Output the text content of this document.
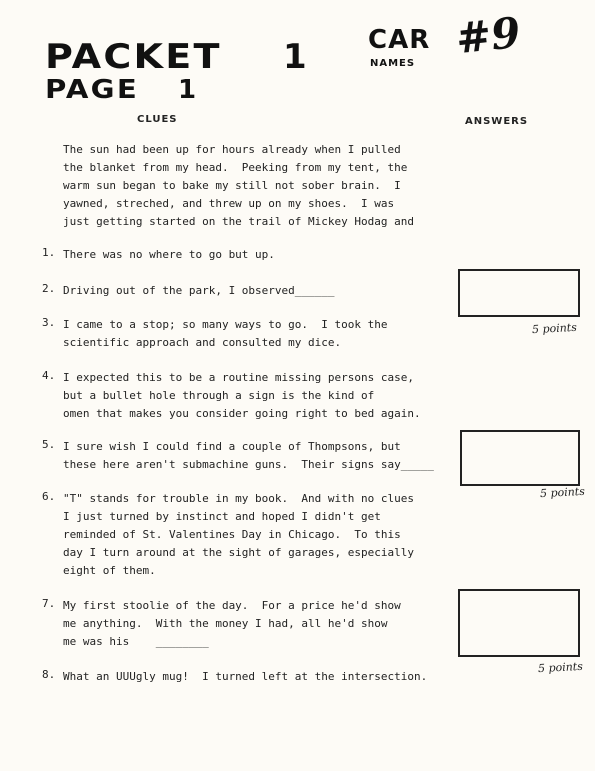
PACKET 1
PAGE 1
CAR
NAMES
#9
CLUES	ANSWERS
The sun had been up for hours already when I pulled
the blanket from my head.  Peeking from my tent, the
warm sun began to bake my still not sober brain.  I
yawned, streched, and threw up on my shoes.  I was
just getting started on the trail of Mickey Hodag and
1. There was no where to go but up.
2. Driving out of the park, I observed______
3. I came to a stop; so many ways to go.  I took the
scientific approach and consulted my dice.
4. I expected this to be a routine missing persons case,
but a bullet hole through a sign is the kind of
omen that makes you consider going right to bed again.
5. I sure wish I could find a couple of Thompsons, but
these here aren't submachine guns.  Their signs say_____
6. "T" stands for trouble in my book.  And with no clues
I just turned by instinct and hoped I didn't get
reminded of St. Valentines Day in Chicago.  To this
day I turn around at the sight of garages, especially
eight of them.
7. My first stoolie of the day.  For a price he'd show
me anything.  With the money I had, all he'd show
me was his    ________
8. What an UUUgly mug!  I turned left at the intersection.
5 points
5 points
5 points
